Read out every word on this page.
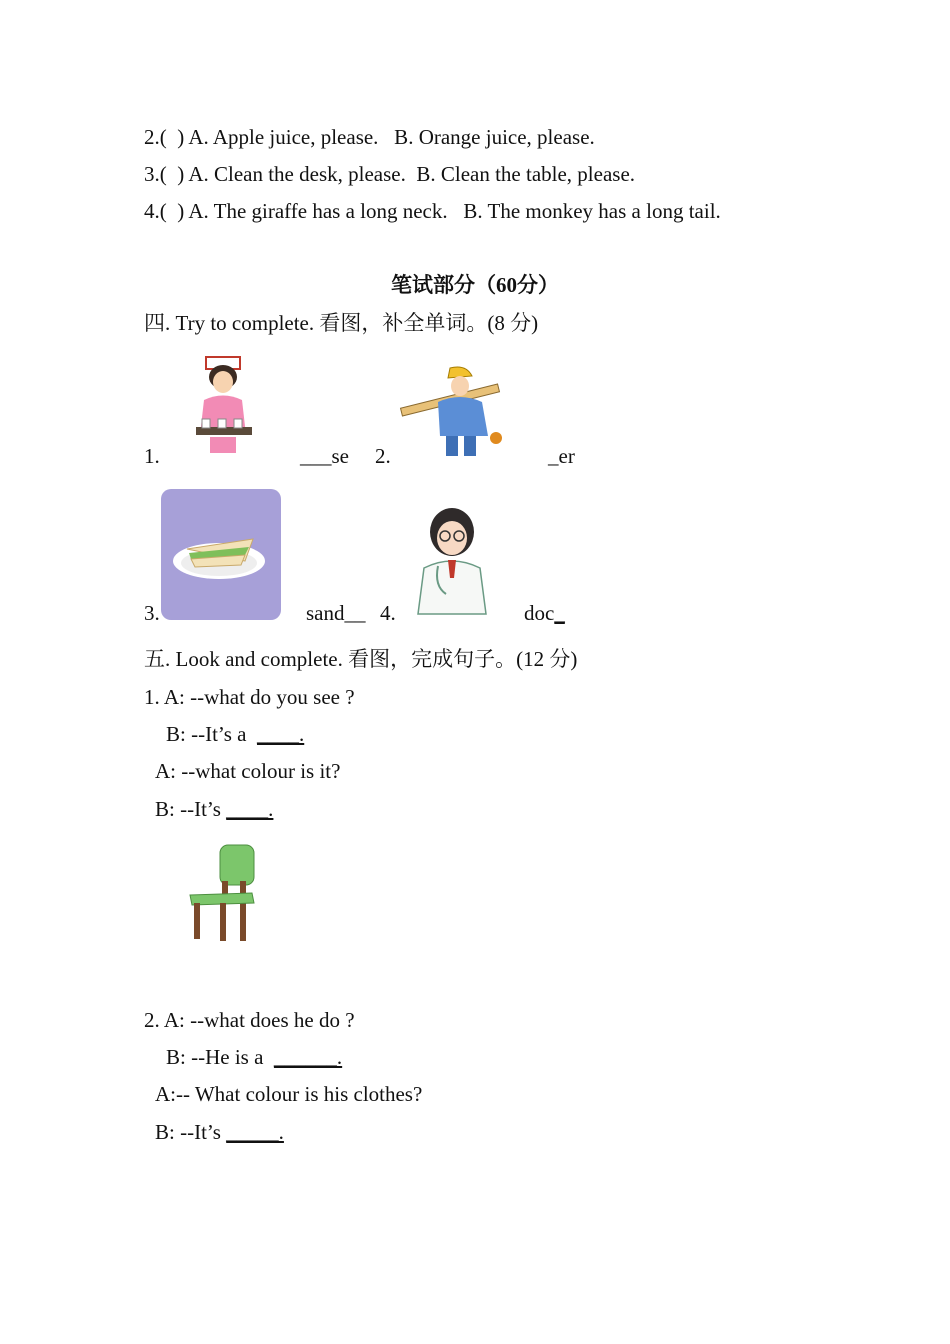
2.(  ) A. Apple juice, please.   B. Orange juice, please.
3.(  ) A. Clean the desk, please.  B. Clean the table, please.
4.(  ) A. The giraffe has a long neck.   B. The monkey has a long tail.
笔试部分（60分）
四. Try to complete. 看图，补全单词。(8 分)
1.	___se 2.	_er
3.	sand__ 4.	doc_
五. Look and complete. 看图，完成句子。(12 分)
1. A: --what do you see ?
B: --It’s a  ____.
A: --what colour is it?
B: --It’s ____.
2. A: --what does he do ?
B: --He is a  ______.
A:-- What colour is his clothes?
B: --It’s _____.
